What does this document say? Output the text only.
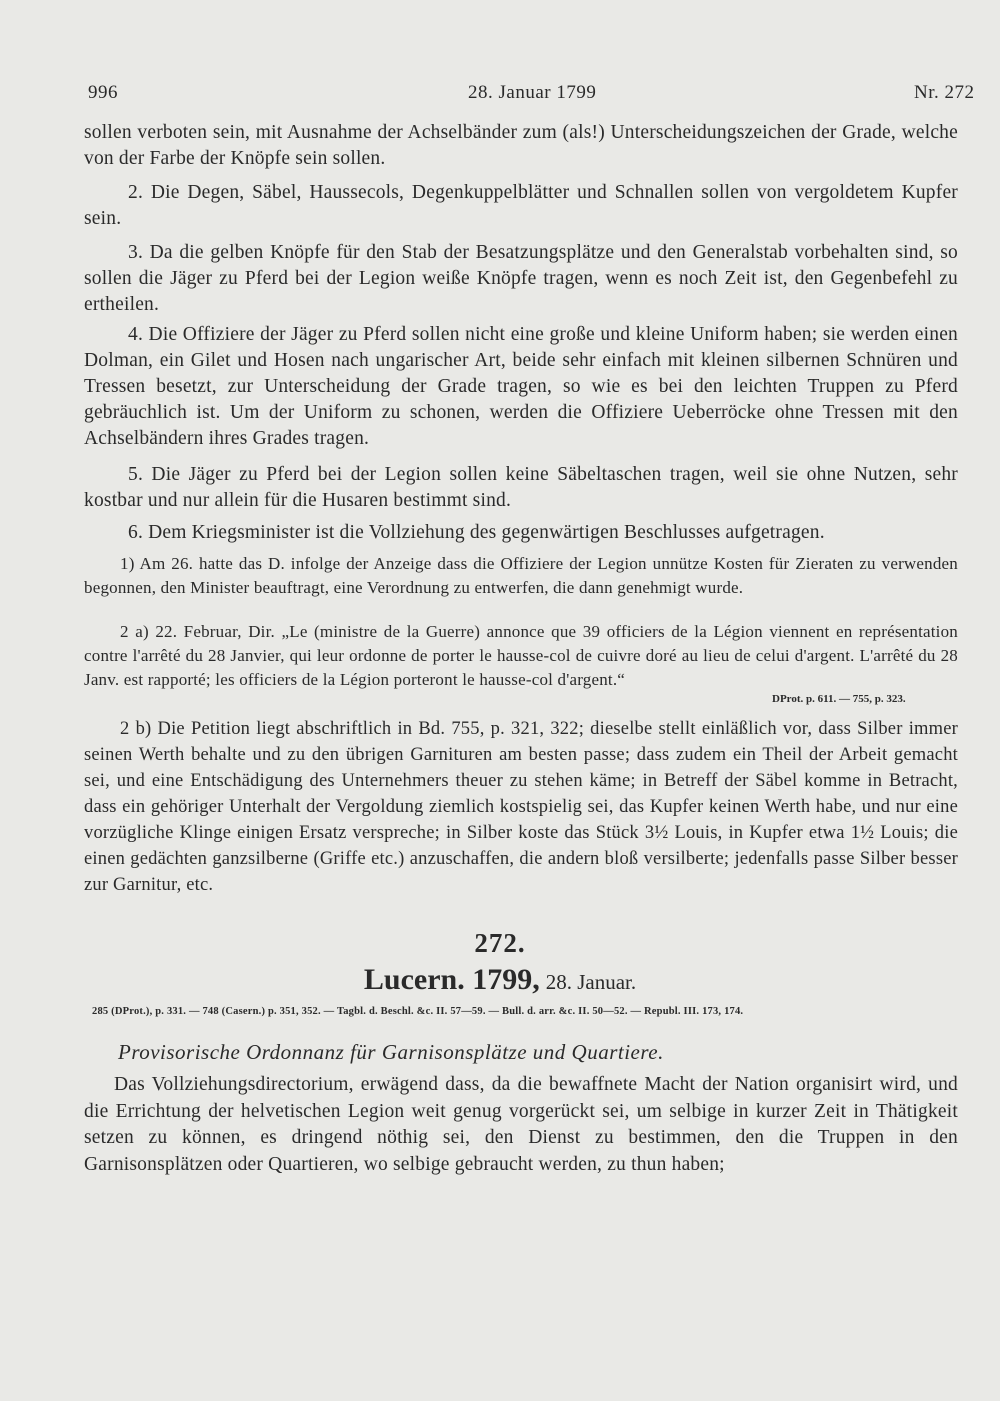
996	28. Januar 1799	Nr. 272
sollen verboten sein, mit Ausnahme der Achselbänder zum (als!) Unterscheidungszeichen der Grade, welche von der Farbe der Knöpfe sein sollen.
2. Die Degen, Säbel, Haussecols, Degenkuppelblätter und Schnallen sollen von vergoldetem Kupfer sein.
3. Da die gelben Knöpfe für den Stab der Besatzungsplätze und den Generalstab vorbehalten sind, so sollen die Jäger zu Pferd bei der Legion weiße Knöpfe tragen, wenn es noch Zeit ist, den Gegenbefehl zu ertheilen.
4. Die Offiziere der Jäger zu Pferd sollen nicht eine große und kleine Uniform haben; sie werden einen Dolman, ein Gilet und Hosen nach ungarischer Art, beide sehr einfach mit kleinen silbernen Schnüren und Tressen besetzt, zur Unterscheidung der Grade tragen, so wie es bei den leichten Truppen zu Pferd gebräuchlich ist. Um der Uniform zu schonen, werden die Offiziere Ueberröcke ohne Tressen mit den Achselbändern ihres Grades tragen.
5. Die Jäger zu Pferd bei der Legion sollen keine Säbeltaschen tragen, weil sie ohne Nutzen, sehr kostbar und nur allein für die Husaren bestimmt sind.
6. Dem Kriegsminister ist die Vollziehung des gegenwärtigen Beschlusses aufgetragen.
1) Am 26. hatte das D. infolge der Anzeige dass die Offiziere der Legion unnütze Kosten für Zieraten zu verwenden begonnen, den Minister beauftragt, eine Verordnung zu entwerfen, die dann genehmigt wurde.
2 a) 22. Februar, Dir. „Le (ministre de la Guerre) annonce que 39 officiers de la Légion viennent en représentation contre l'arrêté du 28 Janvier, qui leur ordonne de porter le hausse-col de cuivre doré au lieu de celui d'argent. L'arrêté du 28 Janv. est rapporté; les officiers de la Légion porteront le hausse-col d'argent.“
DProt. p. 611. — 755, p. 323.
2 b) Die Petition liegt abschriftlich in Bd. 755, p. 321, 322; dieselbe stellt einläßlich vor, dass Silber immer seinen Werth behalte und zu den übrigen Garnituren am besten passe; dass zudem ein Theil der Arbeit gemacht sei, und eine Entschädigung des Unternehmers theuer zu stehen käme; in Betreff der Säbel komme in Betracht, dass ein gehöriger Unterhalt der Vergoldung ziemlich kostspielig sei, das Kupfer keinen Werth habe, und nur eine vorzügliche Klinge einigen Ersatz verspreche; in Silber koste das Stück 3½ Louis, in Kupfer etwa 1½ Louis; die einen gedächten ganzsilberne (Griffe etc.) anzuschaffen, die andern bloß versilberte; jedenfalls passe Silber besser zur Garnitur, etc.
272.
Lucern. 1799, 28. Januar.
285 (DProt.), p. 331. — 748 (Casern.) p. 351, 352. — Tagbl. d. Beschl. &c. II. 57—59. — Bull. d. arr. &c. II. 50—52. — Republ. III. 173, 174.
Provisorische Ordonnanz für Garnisonsplätze und Quartiere.
Das Vollziehungsdirectorium, erwägend dass, da die bewaffnete Macht der Nation organisirt wird, und die Errichtung der helvetischen Legion weit genug vorgerückt sei, um selbige in kurzer Zeit in Thätigkeit setzen zu können, es dringend nöthig sei, den Dienst zu bestimmen, den die Truppen in den Garnisonsplätzen oder Quartieren, wo selbige gebraucht werden, zu thun haben;
